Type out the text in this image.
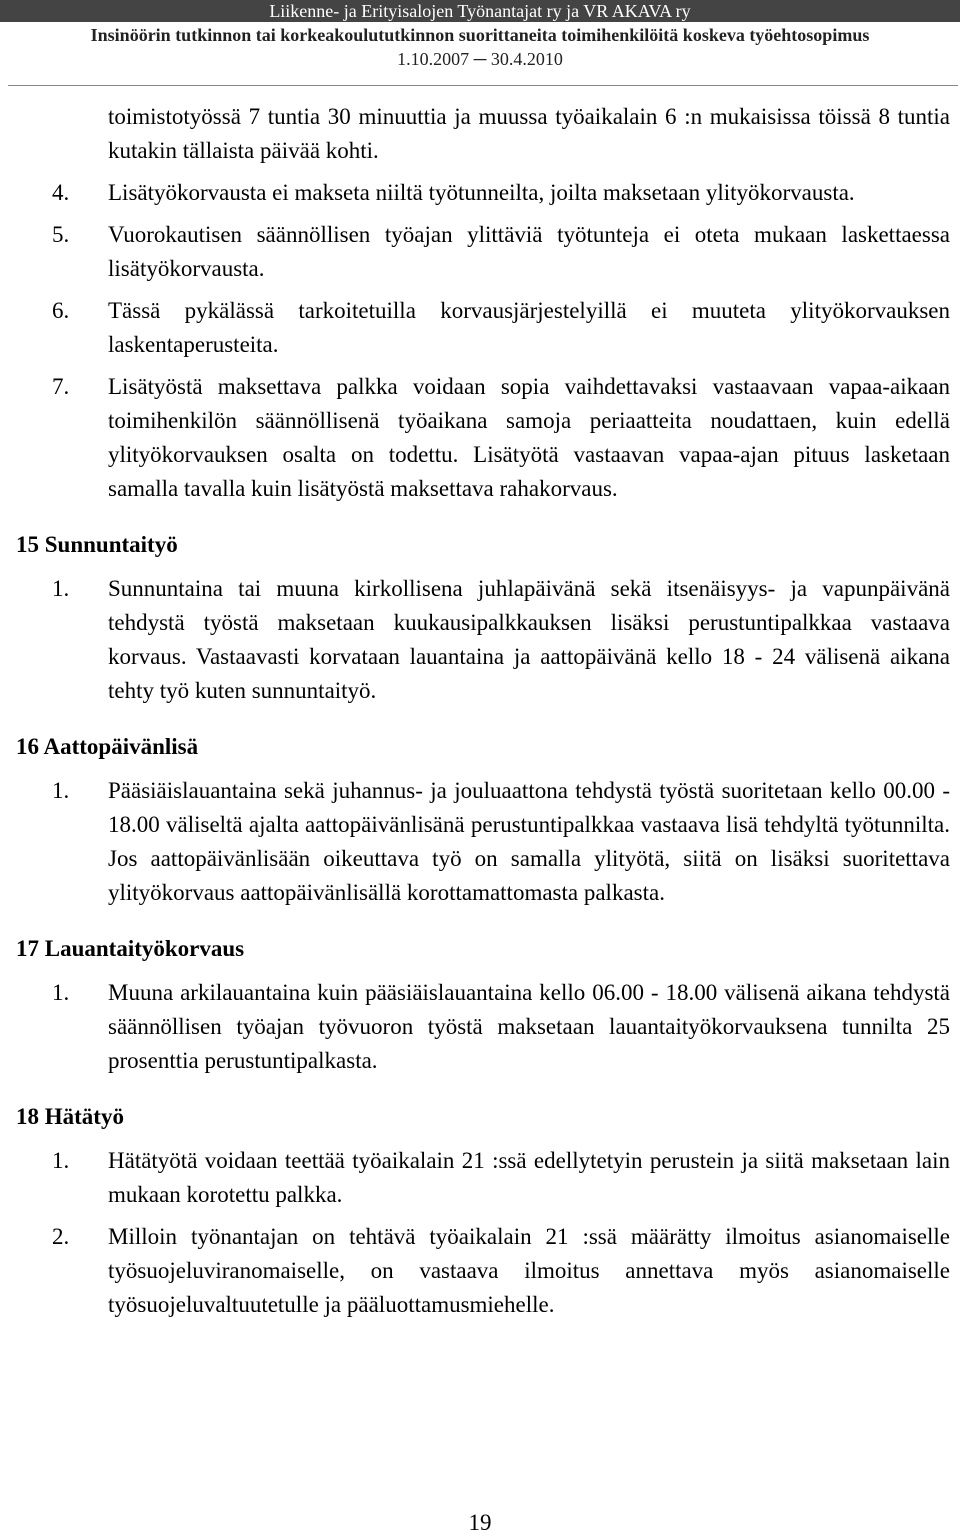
Liikenne- ja Erityisalojen Työnantajat ry ja VR AKAVA ry
Insinöörin tutkinnon tai korkeakoulututkinnon suorittaneita toimihenkilöitä koskeva työehtosopimus
1.10.2007 ─ 30.4.2010
toimistotyössä 7 tuntia 30 minuuttia ja muussa työaikalain 6 :n mukaisissa töissä 8 tuntia kutakin tällaista päivää kohti.
4.	Lisätyökorvausta ei makseta niiltä työtunneilta, joilta maksetaan ylityökorvausta.
5.	Vuorokautisen säännöllisen työajan ylittäviä työtunteja ei oteta mukaan laskettaessa lisätyökorvausta.
6.	Tässä pykälässä tarkoitetuilla korvausjärjestelyillä ei muuteta ylityökorvauksen laskentaperusteita.
7.	Lisätyöstä maksettava palkka voidaan sopia vaihdettavaksi vastaavaan vapaa-aikaan toimihenkilön säännöllisenä työaikana samoja periaatteita noudattaen, kuin edellä ylityökorvauksen osalta on todettu. Lisätyötä vastaavan vapaa-ajan pituus lasketaan samalla tavalla kuin lisätyöstä maksettava rahakorvaus.
15 Sunnuntaityö
1.	Sunnuntaina tai muuna kirkollisena juhlapäivänä sekä itsenäisyys- ja vapunpäivänä tehdystä työstä maksetaan kuukausipalkkauksen lisäksi perustuntipalkkaa vastaava korvaus. Vastaavasti korvataan lauantaina ja aattopäivänä kello 18 - 24 välisenä aikana tehty työ kuten sunnuntaityö.
16 Aattopäivänlisä
1.	Pääsiäislauantaina sekä juhannus- ja jouluaattona tehdystä työstä suoritetaan kello 00.00 - 18.00 väliseltä ajalta aattopäivänlisänä perustuntipalkkaa vastaava lisä tehdyltä työtunnilta. Jos aattopäivänlisään oikeuttava työ on samalla ylityötä, siitä on lisäksi suoritettava ylityökorvaus aattopäivänlisällä korottamattomasta palkasta.
17 Lauantaityökorvaus
1.	Muuna arkilauantaina kuin pääsiäislauantaina kello 06.00 - 18.00 välisenä aikana tehdystä säännöllisen työajan työvuoron työstä maksetaan lauantaityökorvauksena tunnilta 25 prosenttia perustuntipalkasta.
18 Hätätyö
1.	Hätätyötä voidaan teettää työaikalain 21 :ssä edellytetyin perustein ja siitä maksetaan lain mukaan korotettu palkka.
2.	Milloin työnantajan on tehtävä työaikalain 21 :ssä määrätty ilmoitus asianomaiselle työsuojeluviranomaiselle, on vastaava ilmoitus annettava myös asianomaiselle työsuojeluvaltuutetulle ja pääluottamusmiehelle.
19
